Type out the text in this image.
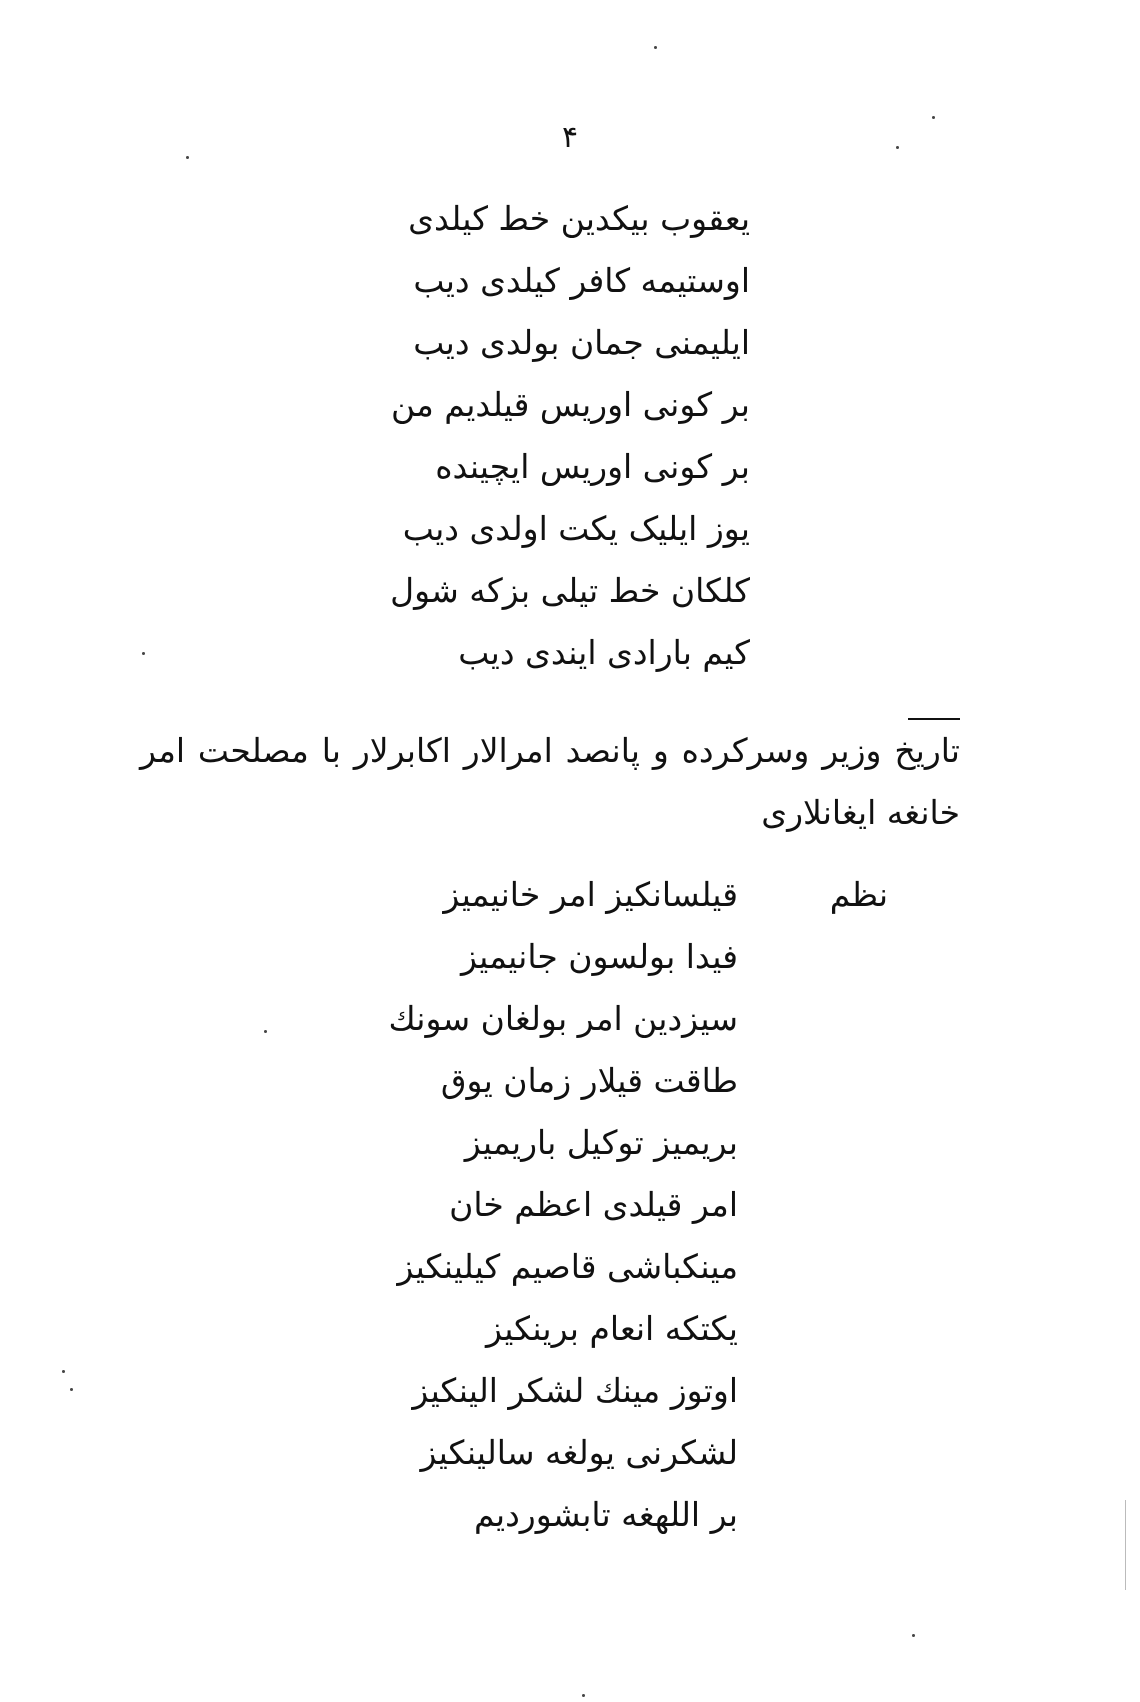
۴
یعقوب بیکدین خط کیلدی
اوستیمه کافر کیلدی دیب
ایلیمنی جمان بولدی دیب
بر کونی اوریس قیلدیم من
بر کونی اوریس ایچینده
یوز ایلیک یکت اولدی دیب
کلکان خط تیلی بزکه شول
کیم بارادی ایندی دیب
تاریخ وزیر وسرکرده و پانصد امرالار اکابرلار با مصلحت امر
خانغه ایغانلاری
نظم
قیلسانکیز امر خانیمیز
فیدا بولسون جانیمیز
سیزدین امر بولغان سونك
طاقت قیلار زمان یوق
بریمیز توکیل باریمیز
امر قیلدی اعظم خان
مینکباشی قاصیم کیلینکیز
یکتکه انعام برینکیز
اوتوز مینك لشکر الینکیز
لشکرنی یولغه سالینکیز
بر اللهغه تابشوردیم
